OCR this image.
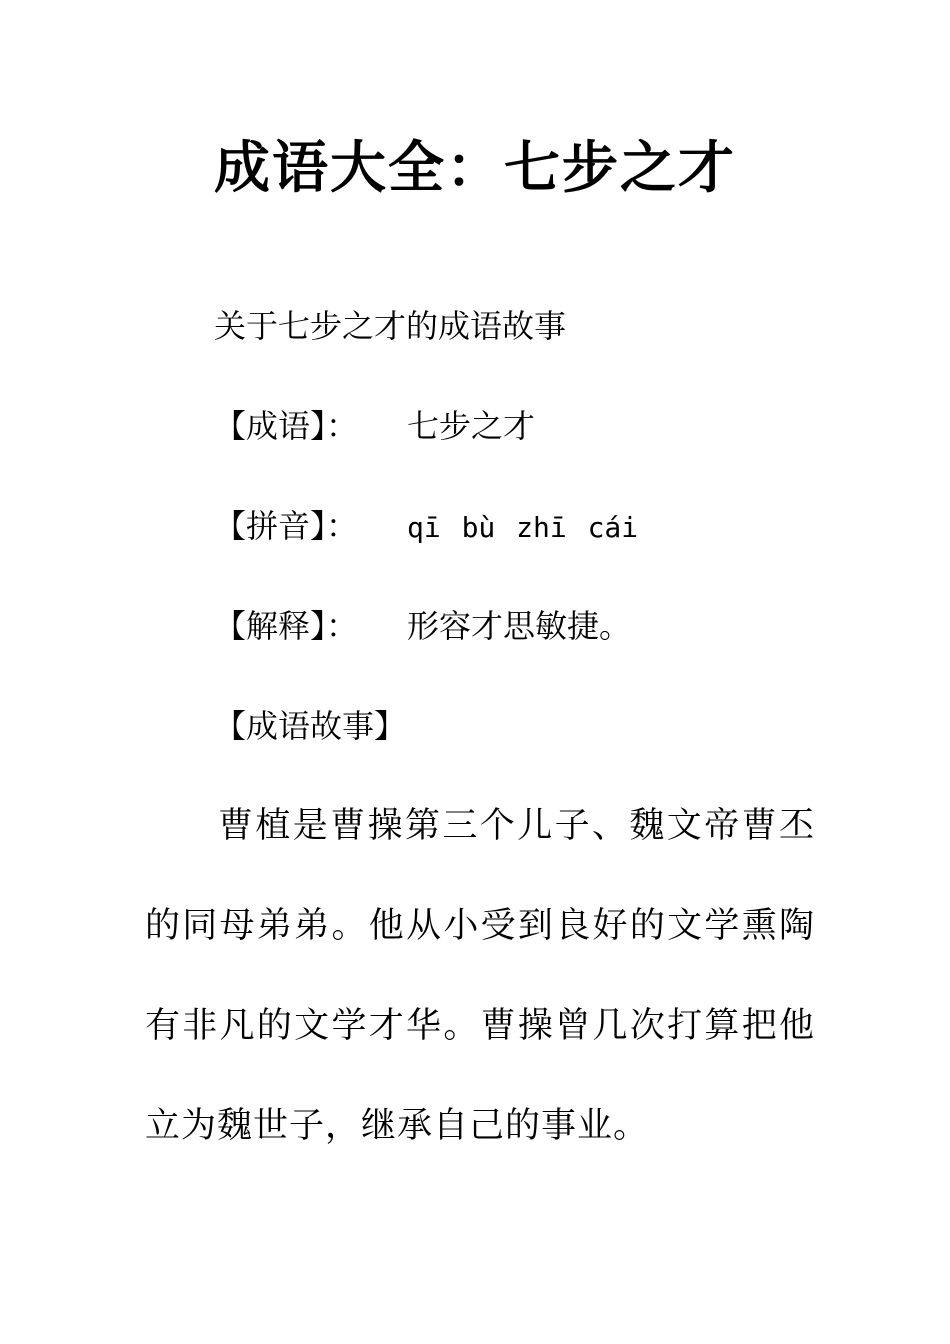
成语大全：七步之才
关于七步之才的成语故事
【成语】： 七步之才
【拼音】： qī bù zhī cái
【解释】： 形容才思敏捷。
【成语故事】
曹植是曹操第三个儿子、魏文帝曹丕的同母弟弟。他从小受到良好的文学熏陶有非凡的文学才华。曹操曾几次打算把他立为魏世子，继承自己的事业。
